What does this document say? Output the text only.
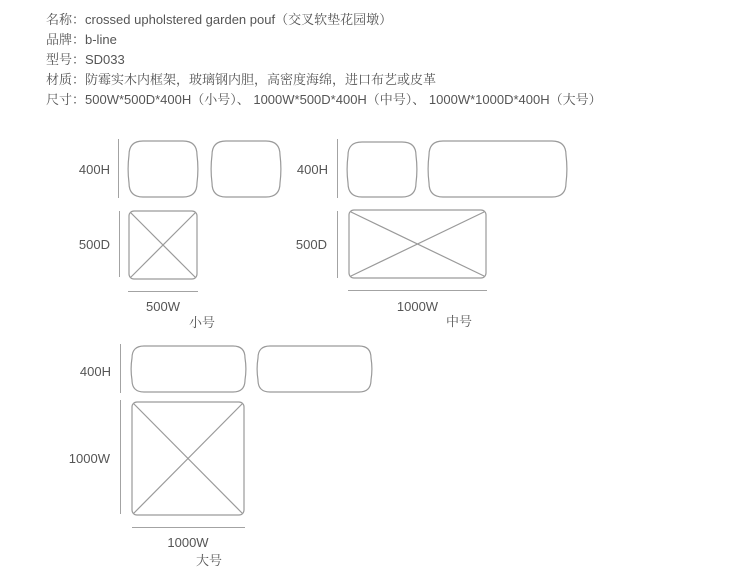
名称：crossed upholstered garden pouf（交叉软垫花园墩）
品牌：b-line
型号：SD033
材质：防霉实木内框架，玻璃钢内胆，高密度海绵，进口布艺或皮革
尺寸：500W*500D*400H（小号）、 1000W*500D*400H（中号）、 1000W*1000D*400H（大号）
400H
500D
500W
小号
400H
500D
1000W
中号
400H
1000W
1000W
大号
